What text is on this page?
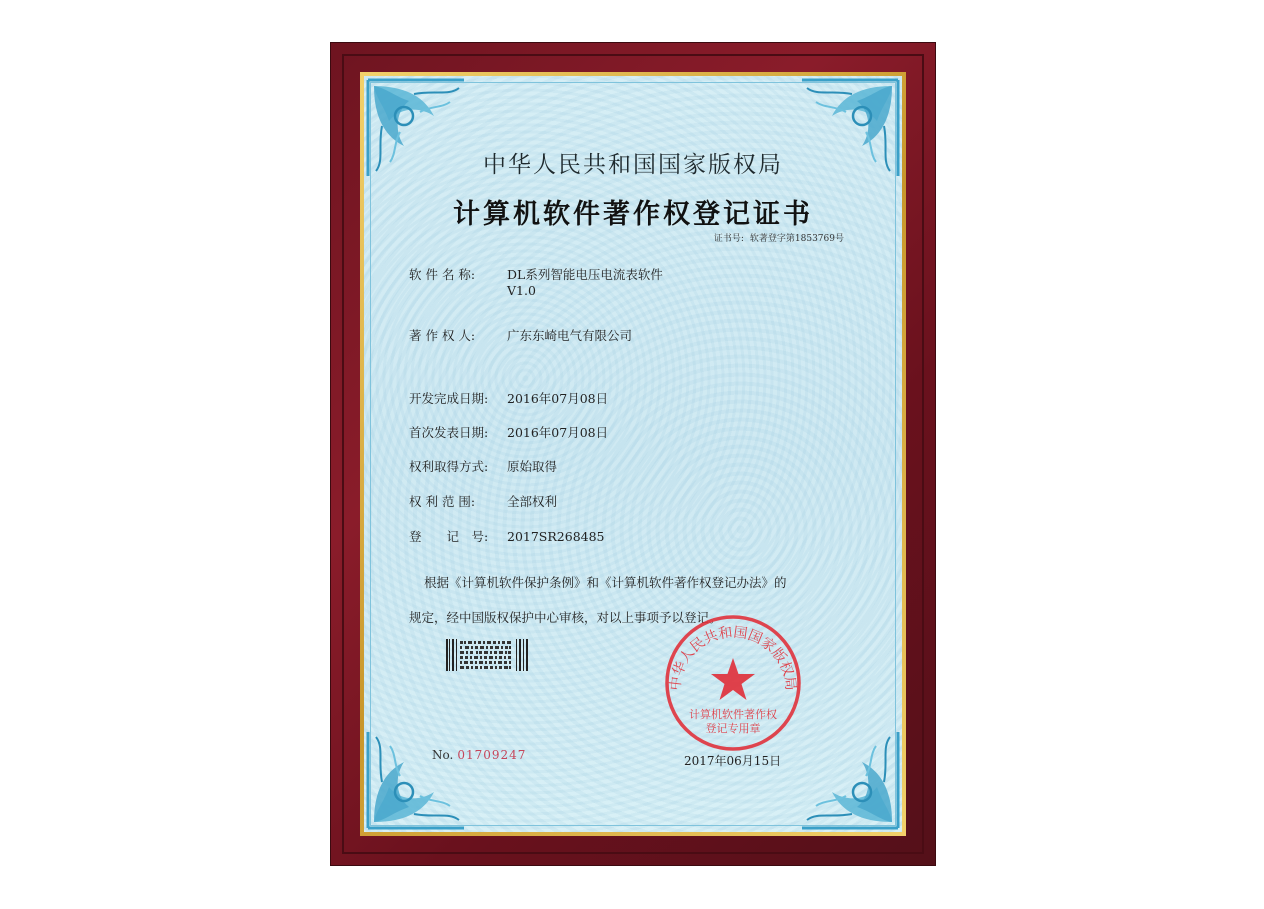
中华人民共和国国家版权局
计算机软件著作权登记证书
证书号: 软著登字第1853769号
软 件 名 称:	DL系列智能电压电流表软件
V1.0
著 作 权 人:	广东东崎电气有限公司
开发完成日期: 2016年07月08日
首次发表日期: 2016年07月08日
权利取得方式: 原始取得
权 利 范 围:	全部权利
登　　记　号: 2017SR268485
根据《计算机软件保护条例》和《计算机软件著作权登记办法》的
规定，经中国版权保护中心审核，对以上事项予以登记。
No. 01709247
中华人民共和国国家版权局
计算机软件著作权
登记专用章
2017年06月15日
